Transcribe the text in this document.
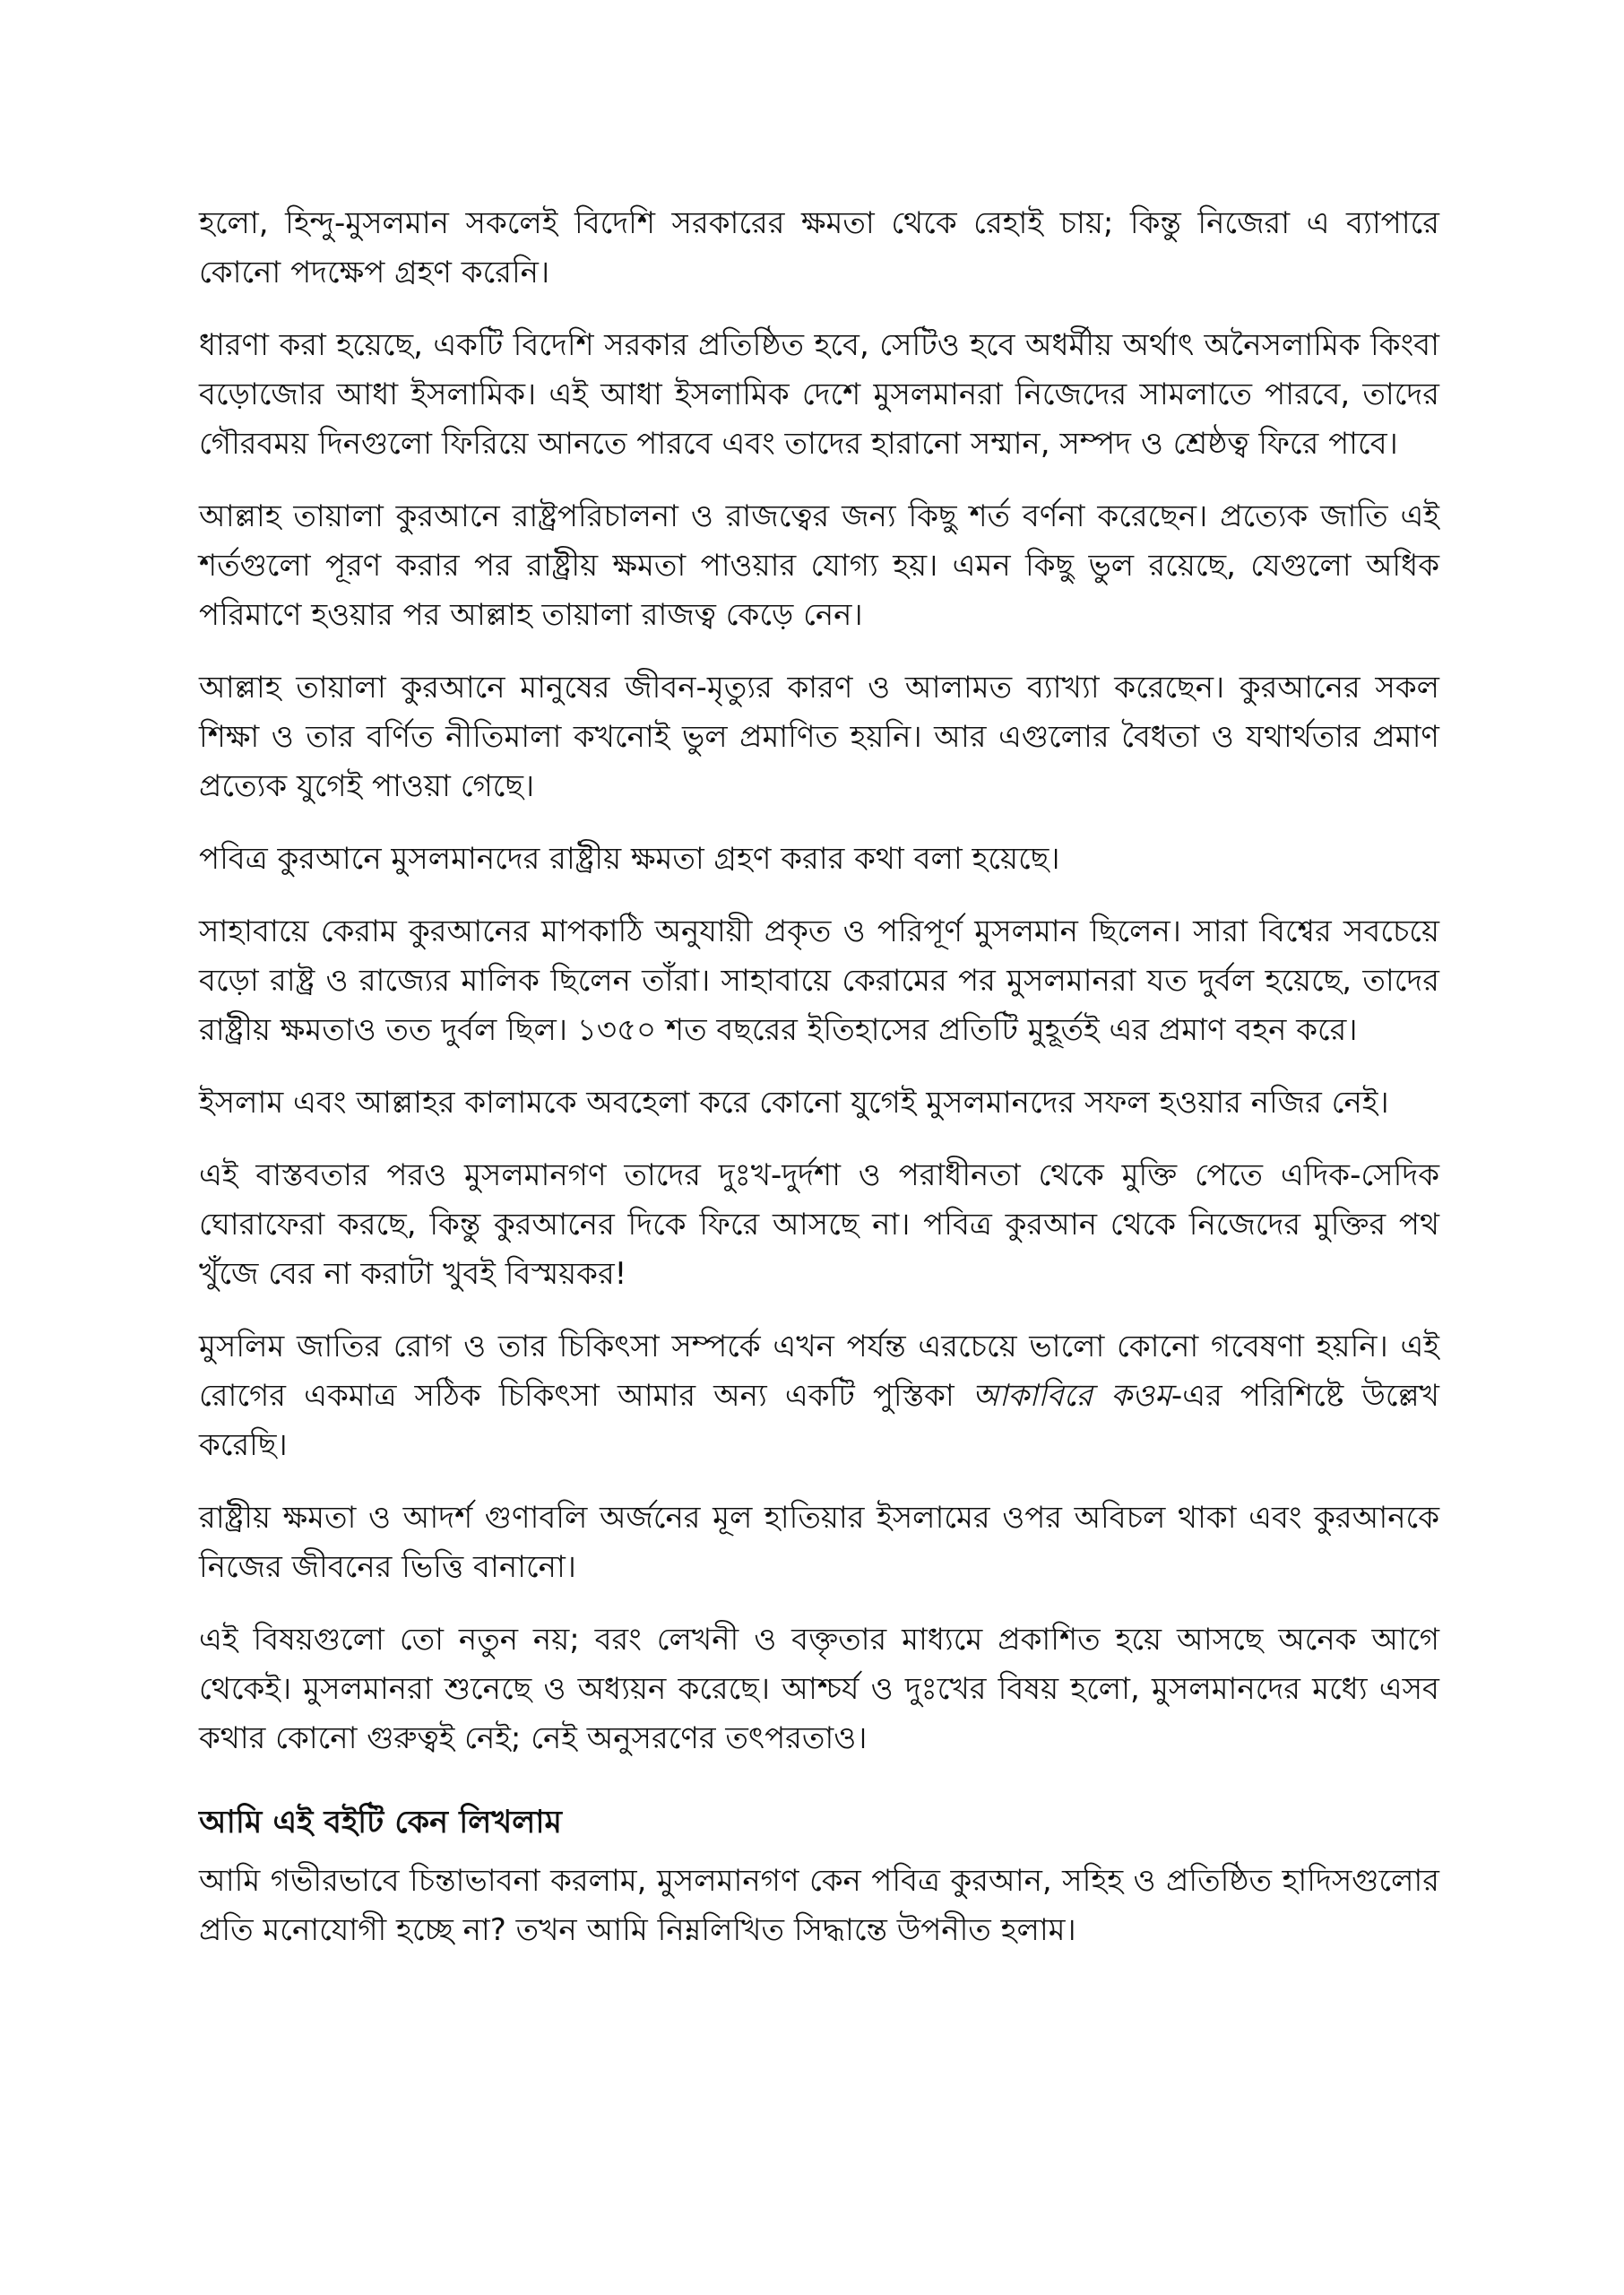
হলো, হিন্দু-মুসলমান সকলেই বিদেশি সরকারের ক্ষমতা থেকে রেহাই চায়; কিন্তু নিজেরা এ ব্যাপারে কোনো পদক্ষেপ গ্রহণ করেনি।

ধারণা করা হয়েছে, একটি বিদেশি সরকার প্রতিষ্ঠিত হবে, সেটিও হবে অধর্মীয় অর্থাৎ অনৈসলামিক কিংবা বড়োজোর আধা ইসলামিক। এই আধা ইসলামিক দেশে মুসলমানরা নিজেদের সামলাতে পারবে, তাদের গৌরবময় দিনগুলো ফিরিয়ে আনতে পারবে এবং তাদের হারানো সম্মান, সম্পদ ও শ্রেষ্ঠত্ব ফিরে পাবে।

আল্লাহ তায়ালা কুরআনে রাষ্ট্রপরিচালনা ও রাজত্বের জন্য কিছু শর্ত বর্ণনা করেছেন। প্রত্যেক জাতি এই শর্তগুলো পূরণ করার পর রাষ্ট্রীয় ক্ষমতা পাওয়ার যোগ্য হয়। এমন কিছু ভুল রয়েছে, যেগুলো অধিক পরিমাণে হওয়ার পর আল্লাহ তায়ালা রাজত্ব কেড়ে নেন।

আল্লাহ তায়ালা কুরআনে মানুষের জীবন-মৃত্যুর কারণ ও আলামত ব্যাখ্যা করেছেন। কুরআনের সকল শিক্ষা ও তার বর্ণিত নীতিমালা কখনোই ভুল প্রমাণিত হয়নি। আর এগুলোর বৈধতা ও যথার্থতার প্রমাণ প্রত্যেক যুগেই পাওয়া গেছে।

পবিত্র কুরআনে মুসলমানদের রাষ্ট্রীয় ক্ষমতা গ্রহণ করার কথা বলা হয়েছে।

সাহাবায়ে কেরাম কুরআনের মাপকাঠি অনুযায়ী প্রকৃত ও পরিপূর্ণ মুসলমান ছিলেন। সারা বিশ্বের সবচেয়ে বড়ো রাষ্ট্র ও রাজ্যের মালিক ছিলেন তাঁরা। সাহাবায়ে কেরামের পর মুসলমানরা যত দুর্বল হয়েছে, তাদের রাষ্ট্রীয় ক্ষমতাও তত দুর্বল ছিল। ১৩৫০ শত বছরের ইতিহাসের প্রতিটি মুহূর্তই এর প্রমাণ বহন করে।

ইসলাম এবং আল্লাহর কালামকে অবহেলা করে কোনো যুগেই মুসলমানদের সফল হওয়ার নজির নেই।

এই বাস্তবতার পরও মুসলমানগণ তাদের দুঃখ-দুর্দশা ও পরাধীনতা থেকে মুক্তি পেতে এদিক-সেদিক ঘোরাফেরা করছে, কিন্তু কুরআনের দিকে ফিরে আসছে না। পবিত্র কুরআন থেকে নিজেদের মুক্তির পথ খুঁজে বের না করাটা খুবই বিস্ময়কর!

মুসলিম জাতির রোগ ও তার চিকিৎসা সম্পর্কে এখন পর্যন্ত এরচেয়ে ভালো কোনো গবেষণা হয়নি। এই রোগের একমাত্র সঠিক চিকিৎসা আমার অন্য একটি পুস্তিকা আকাবিরে কওম-এর পরিশিষ্টে উল্লেখ করেছি।

রাষ্ট্রীয় ক্ষমতা ও আদর্শ গুণাবলি অর্জনের মূল হাতিয়ার ইসলামের ওপর অবিচল থাকা এবং কুরআনকে নিজের জীবনের ভিত্তি বানানো।

এই বিষয়গুলো তো নতুন নয়; বরং লেখনী ও বক্তৃতার মাধ্যমে প্রকাশিত হয়ে আসছে অনেক আগে থেকেই। মুসলমানরা শুনেছে ও অধ্যয়ন করেছে। আশ্চর্য ও দুঃখের বিষয় হলো, মুসলমানদের মধ্যে এসব কথার কোনো গুরুত্বই নেই; নেই অনুসরণের তৎপরতাও।

আমি এই বইটি কেন লিখলাম

আমি গভীরভাবে চিন্তাভাবনা করলাম, মুসলমানগণ কেন পবিত্র কুরআন, সহিহ ও প্রতিষ্ঠিত হাদিসগুলোর প্রতি মনোযোগী হচ্ছে না? তখন আমি নিম্নলিখিত সিদ্ধান্তে উপনীত হলাম।
